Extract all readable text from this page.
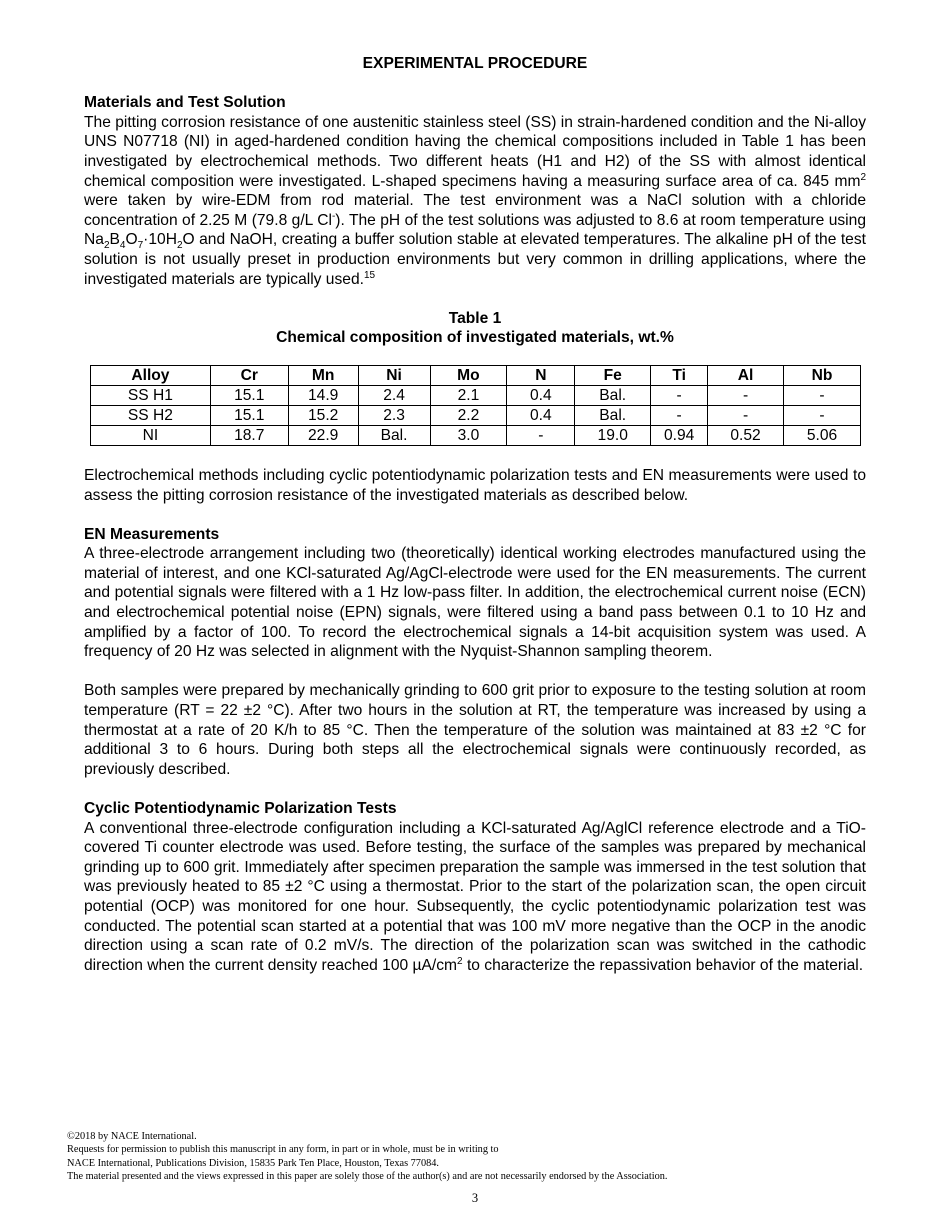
EXPERIMENTAL PROCEDURE
Materials and Test Solution

The pitting corrosion resistance of one austenitic stainless steel (SS) in strain-hardened condition and the Ni-alloy UNS N07718 (NI) in aged-hardened condition having the chemical compositions included in Table 1 has been investigated by electrochemical methods. Two different heats (H1 and H2) of the SS with almost identical chemical composition were investigated. L-shaped specimens having a measuring surface area of ca. 845 $mm^2$ were taken by wire-EDM from rod material. The test environment was a NaCl solution with a chloride concentration of 2.25 M (79.8 g/L Cl-). The pH of the test solutions was adjusted to 8.6 at room temperature using $Na_2B_4O_7\cdot 10H_2O$ and NaOH, creating a buffer solution stable at elevated temperatures. The alkaline pH of the test solution is not usually preset in production environments but very common in drilling applications, where the investigated materials are typically used.$^{15}$

Table 1
Chemical composition of investigated materials, wt.%
Alloy	Cr	Mn	Ni	Mo	N	Fe	Ti	Al	Nb
SS H1	15.1	14.9	2.4	2.1	0.4	Bal.	-	-	-
SS H2	15.1	15.2	2.3	2.2	0.4	Bal.	-	-	-
NI	18.7	22.9	Bal.	3.0	-	19.0	0.94	0.52	5.06

Electrochemical methods including cyclic potentiodynamic polarization tests and EN measurements were used to assess the pitting corrosion resistance of the investigated materials as described below.

EN Measurements

A three-electrode arrangement including two (theoretically) identical working electrodes manufactured using the material of interest, and one KCl-saturated Ag/AgCl-electrode were used for the EN measurements. The current and potential signals were filtered with a 1 Hz low-pass filter. In addition, the electrochemical current noise (ECN) and electrochemical potential noise (EPN) signals, were filtered using a band pass between 0.1 to 10 Hz and amplified by a factor of 100. To record the electrochemical signals a 14-bit acquisition system was used. A frequency of 20 Hz was selected in alignment with the Nyquist-Shannon sampling theorem.

Both samples were prepared by mechanically grinding to 600 grit prior to exposure to the testing solution at room temperature (RT = 22 ±2 °C). After two hours in the solution at RT, the temperature was increased by using a thermostat at a rate of 20 K/h to 85 °C. Then the temperature of the solution was maintained at 83 ±2 °C for additional 3 to 6 hours. During both steps all the electrochemical signals were continuously recorded, as previously described.

Cyclic Potentiodynamic Polarization Tests

A conventional three-electrode configuration including a KCl-saturated Ag/AglCl reference electrode and a TiO-covered Ti counter electrode was used. Before testing, the surface of the samples was prepared by mechanical grinding up to 600 grit. Immediately after specimen preparation the sample was immersed in the test solution that was previously heated to 85 ±2 °C using a thermostat. Prior to the start of the polarization scan, the open circuit potential (OCP) was monitored for one hour. Subsequently, the cyclic potentiodynamic polarization test was conducted. The potential scan started at a potential that was 100 mV more negative than the OCP in the anodic direction using a scan rate of 0.2 mV/s. The direction of the polarization scan was switched in the cathodic direction when the current density reached 100 $\mu A/cm^2$ to characterize the repassivation behavior of the material.

©2018 by NACE International.
Requests for permission to publish this manuscript in any form, in part or in whole, must be in writing to
NACE International, Publications Division, 15835 Park Ten Place, Houston, Texas 77084.
The material presented and the views expressed in this paper are solely those of the author(s) and are not necessarily endorsed by the Association.
3
